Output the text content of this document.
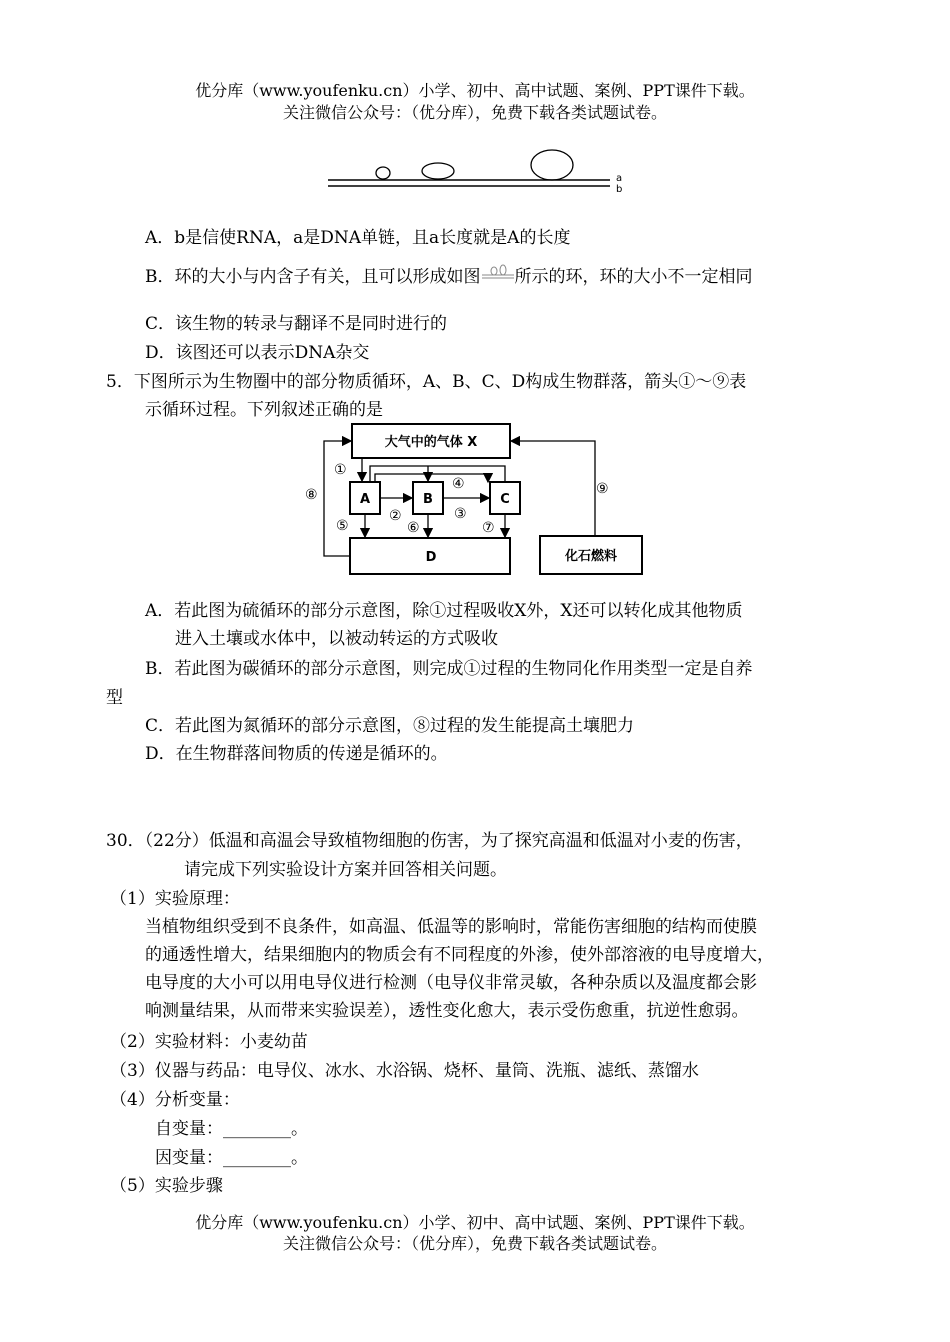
优分库（www.youfenku.cn）小学、初中、高中试题、案例、PPT课件下载。
关注微信公众号：（优分库），免费下载各类试题试卷。
a
b
A．b是信使RNA，a是DNA单链，且a长度就是A的长度
B．环的大小与内含子有关，且可以形成如图 所示的环，环的大小不一定相同
C．该生物的转录与翻译不是同时进行的
D．该图还可以表示DNA杂交
5．下图所示为生物圈中的部分物质循环，A、B、C、D构成生物群落，箭头①～⑨表
示循环过程。下列叙述正确的是
大气中的气体 X
A	B	C
D	化石燃料
①
④
②	③
⑤	⑥	⑦
⑧	⑨
A．若此图为硫循环的部分示意图，除①过程吸收X外，X还可以转化成其他物质
进入土壤或水体中，以被动转运的方式吸收
B．若此图为碳循环的部分示意图，则完成①过程的生物同化作用类型一定是自养
型
C．若此图为氮循环的部分示意图，⑧过程的发生能提高土壤肥力
D．在生物群落间物质的传递是循环的。
30．（22分）低温和高温会导致植物细胞的伤害，为了探究高温和低温对小麦的伤害，
请完成下列实验设计方案并回答相关问题。
（1）实验原理：
当植物组织受到不良条件，如高温、低温等的影响时，常能伤害细胞的结构而使膜
的通透性增大，结果细胞内的物质会有不同程度的外渗，使外部溶液的电导度增大，
电导度的大小可以用电导仪进行检测（电导仪非常灵敏，各种杂质以及温度都会影
响测量结果，从而带来实验误差），透性变化愈大，表示受伤愈重，抗逆性愈弱。
（2）实验材料：小麦幼苗
（3）仪器与药品：电导仪、冰水、水浴锅、烧杯、量筒、洗瓶、滤纸、蒸馏水
（4）分析变量：
自变量：________。
因变量：________。
（5）实验步骤
优分库（www.youfenku.cn）小学、初中、高中试题、案例、PPT课件下载。
关注微信公众号：（优分库），免费下载各类试题试卷。
